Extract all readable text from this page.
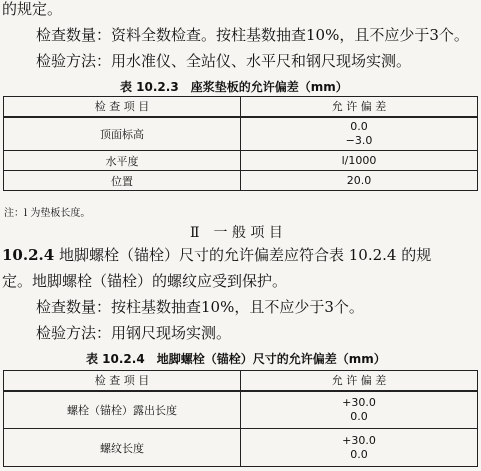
的规定。
检查数量：资料全数检查。按柱基数抽查10%，且不应少于3个。
检验方法：用水准仪、全站仪、水平尺和钢尺现场实测。
表 10.2.3　座浆垫板的允许偏差（mm）
检 查 项 目	允 许 偏 差
顶面标高	0.0
−3.0

水平度	l/1000
位置	20.0
注：l 为垫板长度。
Ⅱ　一 般 项 目
10.2.4 地脚螺栓（锚栓）尺寸的允许偏差应符合表 10.2.4 的规
定。地脚螺栓（锚栓）的螺纹应受到保护。
检查数量：按柱基数抽查10%，且不应少于3个。
检验方法：用钢尺现场实测。
表 10.2.4　地脚螺栓（锚栓）尺寸的允许偏差（mm）
检 查 项 目	允 许 偏 差
螺栓（锚栓）露出长度	+30.0
0.0

螺纹长度	+30.0
0.0
